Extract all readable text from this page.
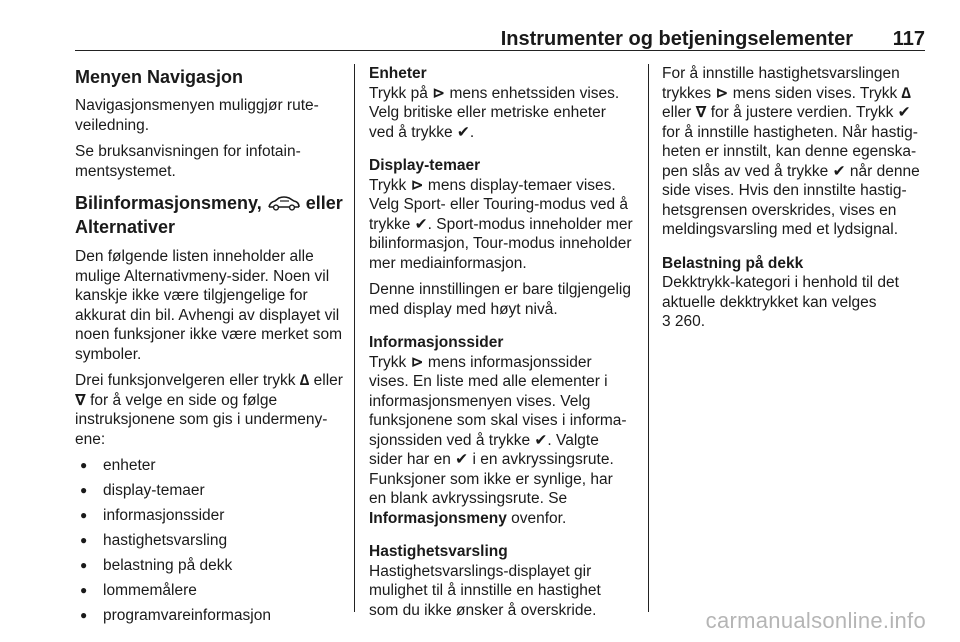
Instrumenter og betjeningselementer 117
Menyen Navigasjon

Navigasjonsmenyen muliggjør ruteveiledning.

Se bruksanvisningen for infotainmentsystemet.

Bilinformasjonsmeny,  eller Alternativer

Den følgende listen inneholder alle mulige Alternativmeny-sider. Noen vil kanskje ikke være tilgjengelige for akkurat din bil. Avhengi av displayet vil noen funksjoner ikke være merket som symboler.

Drei funksjonvelgeren eller trykk ∆ eller ∇ for å velge en side og følge instruksjonene som gis i undermenyene:

● enheter
● display-temaer
● informasjonssider
● hastighetsvarsling
● belastning på dekk
● lommemålere
● programvareinformasjon

Enheter

Trykk på ⊳ mens enhetssiden vises. Velg britiske eller metriske enheter ved å trykke ✔.

Display-temaer

Trykk ⊳ mens display-temaer vises. Velg Sport- eller Touring-modus ved å trykke ✔. Sport-modus inneholder mer bilinformasjon, Tour-modus inneholder mer mediainformasjon.

Denne innstillingen er bare tilgjengelig med display med høyt nivå.

Informasjonssider

Trykk ⊳ mens informasjonssider vises. En liste med alle elementer i informasjonsmenyen vises. Velg funksjonene som skal vises i informasjonssiden ved å trykke ✔. Valgte sider har en ✔ i en avkryssingsrute. Funksjoner som ikke er synlige, har en blank avkryssingsrute. Se Informasjonsmeny ovenfor.

Hastighetsvarsling

Hastighetsvarslings-displayet gir mulighet til å innstille en hastighet som du ikke ønsker å overskride.

For å innstille hastighetsvarslingen trykkes ⊳ mens siden vises. Trykk ∆ eller ∇ for å justere verdien. Trykk ✔ for å innstille hastigheten. Når hastigheten er innstilt, kan denne egenskapen slås av ved å trykke ✔ når denne side vises. Hvis den innstilte hastighetsgrensen overskrides, vises en meldingsvarsling med et lydsignal.

Belastning på dekk

Dekktrykk-kategori i henhold til det aktuelle dekktrykket kan velges
3 260.

carmanualsonline.info
